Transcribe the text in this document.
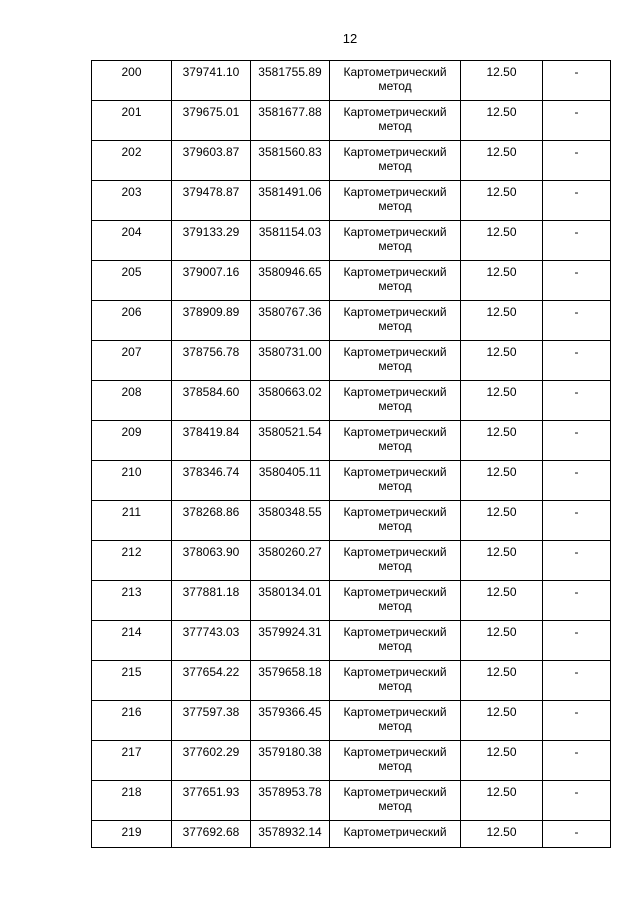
12
200	379741.10	3581755.89	Картометрический метод	12.50	-
201	379675.01	3581677.88	Картометрический метод	12.50	-
202	379603.87	3581560.83	Картометрический метод	12.50	-
203	379478.87	3581491.06	Картометрический метод	12.50	-
204	379133.29	3581154.03	Картометрический метод	12.50	-
205	379007.16	3580946.65	Картометрический метод	12.50	-
206	378909.89	3580767.36	Картометрический метод	12.50	-
207	378756.78	3580731.00	Картометрический метод	12.50	-
208	378584.60	3580663.02	Картометрический метод	12.50	-
209	378419.84	3580521.54	Картометрический метод	12.50	-
210	378346.74	3580405.11	Картометрический метод	12.50	-
211	378268.86	3580348.55	Картометрический метод	12.50	-
212	378063.90	3580260.27	Картометрический метод	12.50	-
213	377881.18	3580134.01	Картометрический метод	12.50	-
214	377743.03	3579924.31	Картометрический метод	12.50	-
215	377654.22	3579658.18	Картометрический метод	12.50	-
216	377597.38	3579366.45	Картометрический метод	12.50	-
217	377602.29	3579180.38	Картометрический метод	12.50	-
218	377651.93	3578953.78	Картометрический метод	12.50	-
219	377692.68	3578932.14	Картометрический	12.50	-
